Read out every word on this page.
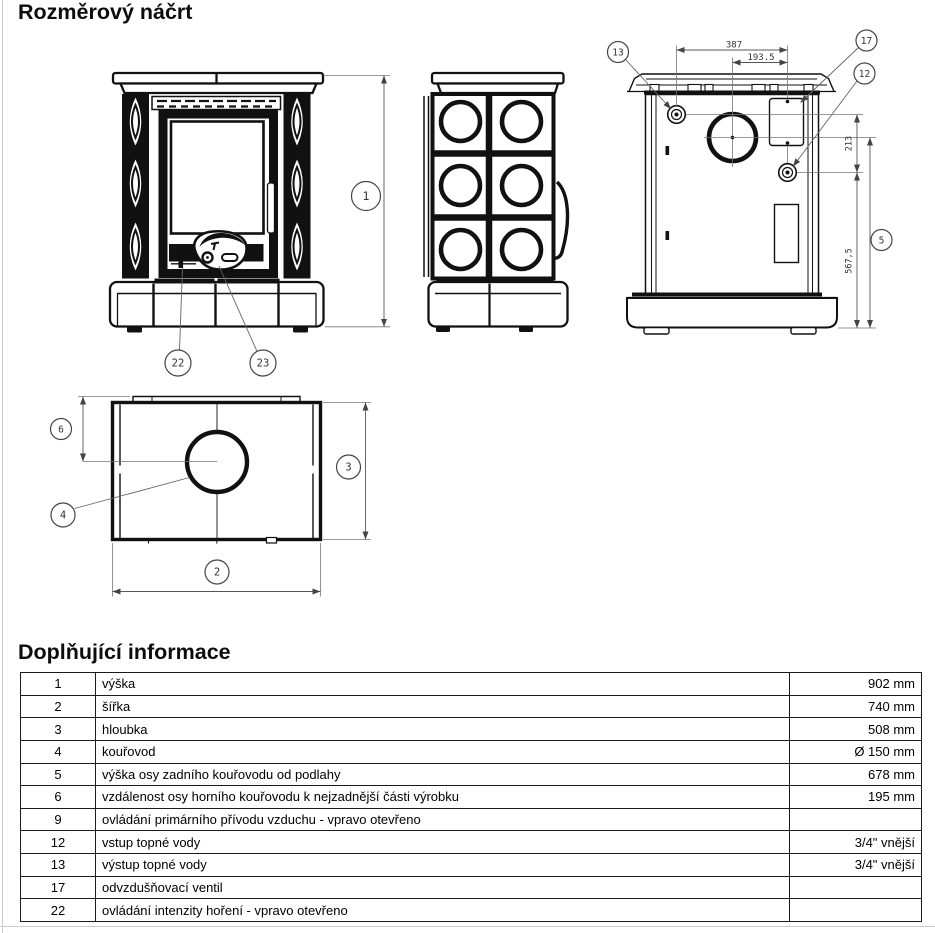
Rozměrový náčrt
1
22	23
387
193.5
213
567,5
5
13
17
12
6
3
2
4
Doplňující informace
1	výška	902 mm
2	šířka	740 mm
3	hloubka	508 mm
4	kouřovod	Ø 150 mm
5	výška osy zadního kouřovodu od podlahy	678 mm
6	vzdálenost osy horního kouřovodu k nejzadnější části výrobku	195 mm
9	ovládání primárního přívodu vzduchu - vpravo otevřeno	
12	vstup topné vody	3/4" vnější
13	výstup topné vody	3/4" vnější
17	odvzdušňovací ventil	
22	ovládání intenzity hoření - vpravo otevřeno	
